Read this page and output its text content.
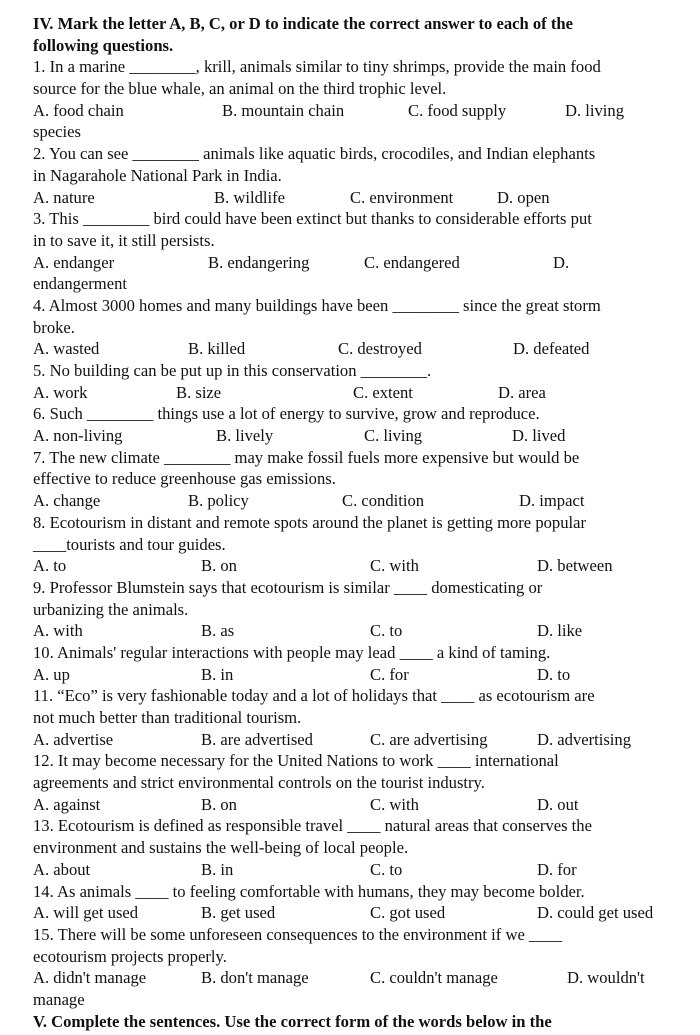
IV. Mark the letter A, B, C, or D to indicate the correct answer to each of the
following questions.
1. In a marine ________, krill, animals similar to tiny shrimps, provide the main food
source for the blue whale, an animal on the third trophic level.
A. food chain	B. mountain chain	C. food supply	D. living
species
2. You can see ________ animals like aquatic birds, crocodiles, and Indian elephants
in Nagarahole National Park in India.
A. nature	B. wildlife	C. environment	D. open
3. This ________ bird could have been extinct but thanks to considerable efforts put
in to save it, it still persists.
A. endanger	B. endangering	C. endangered	D.
endangerment
4. Almost 3000 homes and many buildings have been ________ since the great storm
broke.
A. wasted	B. killed	C. destroyed	D. defeated
5. No building can be put up in this conservation ________.
A. work	B. size	C. extent	D. area
6. Such ________ things use a lot of energy to survive, grow and reproduce.
A. non-living	B. lively	C. living	D. lived
7. The new climate ________ may make fossil fuels more expensive but would be
effective to reduce greenhouse gas emissions.
A. change	B. policy	C. condition	D. impact
8. Ecotourism in distant and remote spots around the planet is getting more popular
____tourists and tour guides.
A. to	B. on	C. with	D. between
9. Professor Blumstein says that ecotourism is similar ____ domesticating or
urbanizing the animals.
A. with	B. as	C. to	D. like
10. Animals' regular interactions with people may lead ____ a kind of taming.
A. up	B. in	C. for	D. to
11. “Eco” is very fashionable today and a lot of holidays that ____ as ecotourism are
not much better than traditional tourism.
A. advertise	B. are advertised	C. are advertising	D. advertising
12. It may become necessary for the United Nations to work ____ international
agreements and strict environmental controls on the tourist industry.
A. against	B. on	C. with	D. out
13. Ecotourism is defined as responsible travel ____ natural areas that conserves the
environment and sustains the well-being of local people.
A. about	B. in	C. to	D. for
14. As animals ____ to feeling comfortable with humans, they may become bolder.
A. will get used	B. get used	C. got used	D. could get used
15. There will be some unforeseen consequences to the environment if we ____
ecotourism projects properly.
A. didn't manage	B. don't manage	C. couldn't manage	D. wouldn't
manage
V. Complete the sentences. Use the correct form of the words below in the
